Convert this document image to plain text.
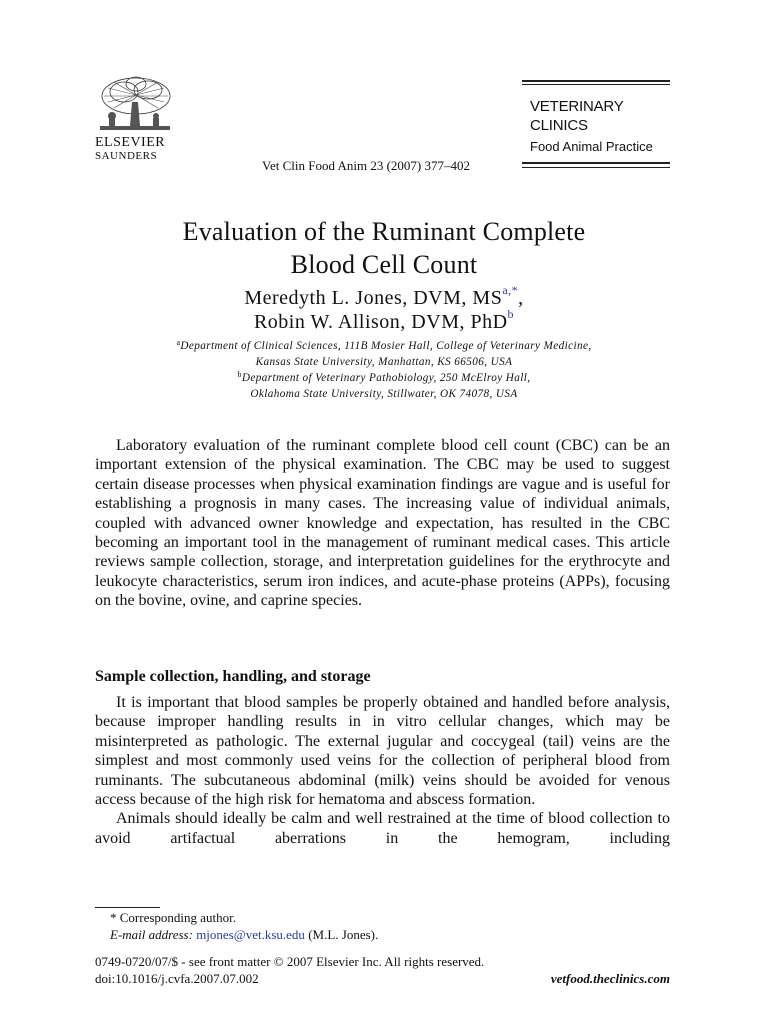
ELSEVIER
SAUNDERS
VETERINARY
CLINICS
Food Animal Practice
Vet Clin Food Anim 23 (2007) 377–402
Evaluation of the Ruminant Complete
Blood Cell Count
Meredyth L. Jones, DVM, $MS^{a,*}$,
Robin W. Allison, DVM, PhD$^b$
$^a$Department of Clinical Sciences, 111B Mosier Hall, College of Veterinary Medicine,
Kansas State University, Manhattan, KS 66506, USA
$^b$Department of Veterinary Pathobiology, 250 McElroy Hall,
Oklahoma State University, Stillwater, OK 74078, USA

Laboratory evaluation of the ruminant complete blood cell count (CBC) can be an important extension of the physical examination. The CBC may be used to suggest certain disease processes when physical examination findings are vague and is useful for establishing a prognosis in many cases. The increasing value of individual animals, coupled with advanced owner knowledge and expectation, has resulted in the CBC becoming an important tool in the management of ruminant medical cases. This article reviews sample collection, storage, and interpretation guidelines for the erythrocyte and leukocyte characteristics, serum iron indices, and acute-phase proteins (APPs), focusing on the bovine, ovine, and caprine species.

Sample collection, handling, and storage

It is important that blood samples be properly obtained and handled before analysis, because improper handling results in in vitro cellular changes, which may be misinterpreted as pathologic. The external jugular and coccygeal (tail) veins are the simplest and most commonly used veins for the collection of peripheral blood from ruminants. The subcutaneous abdominal (milk) veins should be avoided for venous access because of the high risk for hematoma and abscess formation.

Animals should ideally be calm and well restrained at the time of blood collection to avoid artifactual aberrations in the hemogram, including

* Corresponding author.
E-mail address: mjones@vet.ksu.edu (M.L. Jones).
0749-0720/07/$ - see front matter © 2007 Elsevier Inc. All rights reserved.
doi:10.1016/j.cvfa.2007.07.002	vetfood.theclinics.com
